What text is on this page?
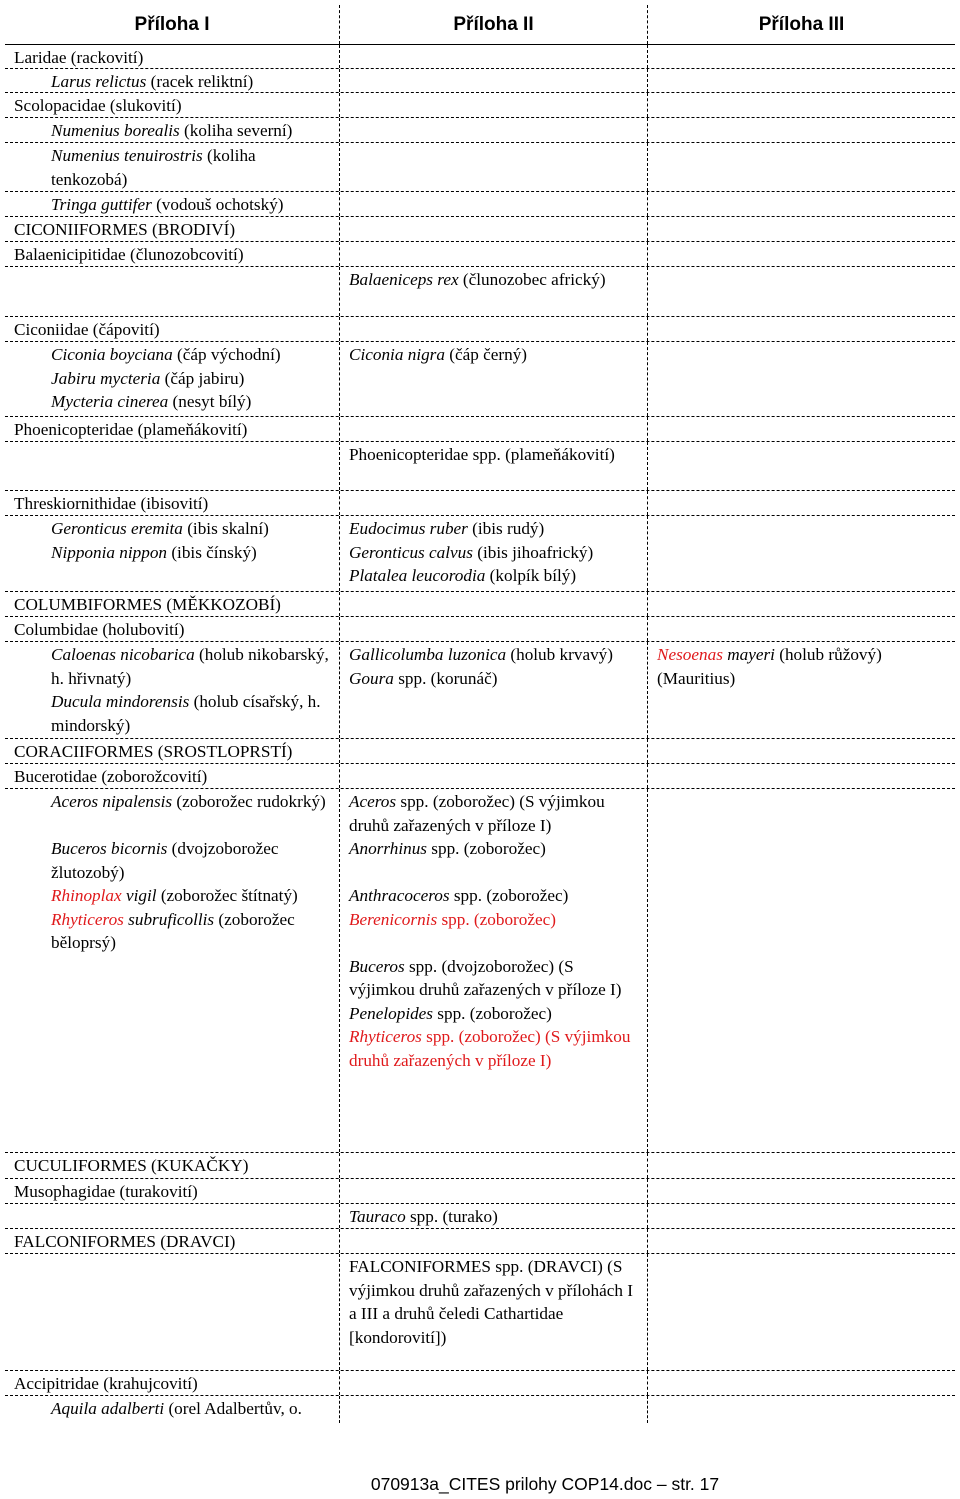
Příloha I	Příloha II	Příloha III
Laridae (rackovití)
Larus relictus (racek reliktní)
Scolopacidae (slukovití)
Numenius borealis (koliha severní)
Numenius tenuirostris (koliha tenkozobá)
Tringa guttifer (vodouš ochotský)
CICONIIFORMES (BRODIVÍ)
Balaenicipitidae (člunozobcovití)
Balaeniceps rex (člunozobec africký)
Ciconiidae (čápovití)
Ciconia boyciana (čáp východní)
Jabiru mycteria (čáp jabiru)
Mycteria cinerea (nesyt bílý)
Ciconia nigra (čáp černý)
Phoenicopteridae (plameňákovití)
Phoenicopteridae spp. (plameňákovití)
Threskiornithidae (ibisovití)
Geronticus eremita (ibis skalní)
Nipponia nippon (ibis čínský)
Eudocimus ruber (ibis rudý)
Geronticus calvus (ibis jihoafrický)
Platalea leucorodia (kolpík bílý)
COLUMBIFORMES (MĚKKOZOBÍ)
Columbidae (holubovití)
Caloenas nicobarica (holub nikobarský, h. hřivnatý)
Ducula mindorensis (holub císařský, h. mindorský)
Gallicolumba luzonica (holub krvavý)
Goura spp. (korunáč)
Nesoenas mayeri (holub růžový) (Mauritius)
CORACIIFORMES (SROSTLOPRSTÍ)
Bucerotidae (zoborožcovití)
Aceros nipalensis (zoborožec rudokrký)

Buceros bicornis (dvojzoborožec žlutozobý)
Rhinoplax vigil (zoborožec štítnatý)
Rhyticeros subruficollis (zoborožec běloprsý)
Aceros spp. (zoborožec) (S výjimkou druhů zařazených v příloze I)
Anorrhinus spp. (zoborožec)

Anthracoceros spp. (zoborožec)
Berenicornis spp. (zoborožec)

Buceros spp. (dvojzoborožec) (S výjimkou druhů zařazených v příloze I)
Penelopides spp. (zoborožec)
Rhyticeros spp. (zoborožec) (S výjimkou druhů zařazených v příloze I)
CUCULIFORMES (KUKAČKY)
Musophagidae (turakovití)
Tauraco spp. (turako)
FALCONIFORMES (DRAVCI)
FALCONIFORMES spp. (DRAVCI) (S výjimkou druhů zařazených v přílohách I a III a druhů čeledi Cathartidae [kondorovití])
Accipitridae (krahujcovití)
Aquila adalberti (orel Adalbertův, o.
070913a_CITES prilohy COP14.doc – str. 17
